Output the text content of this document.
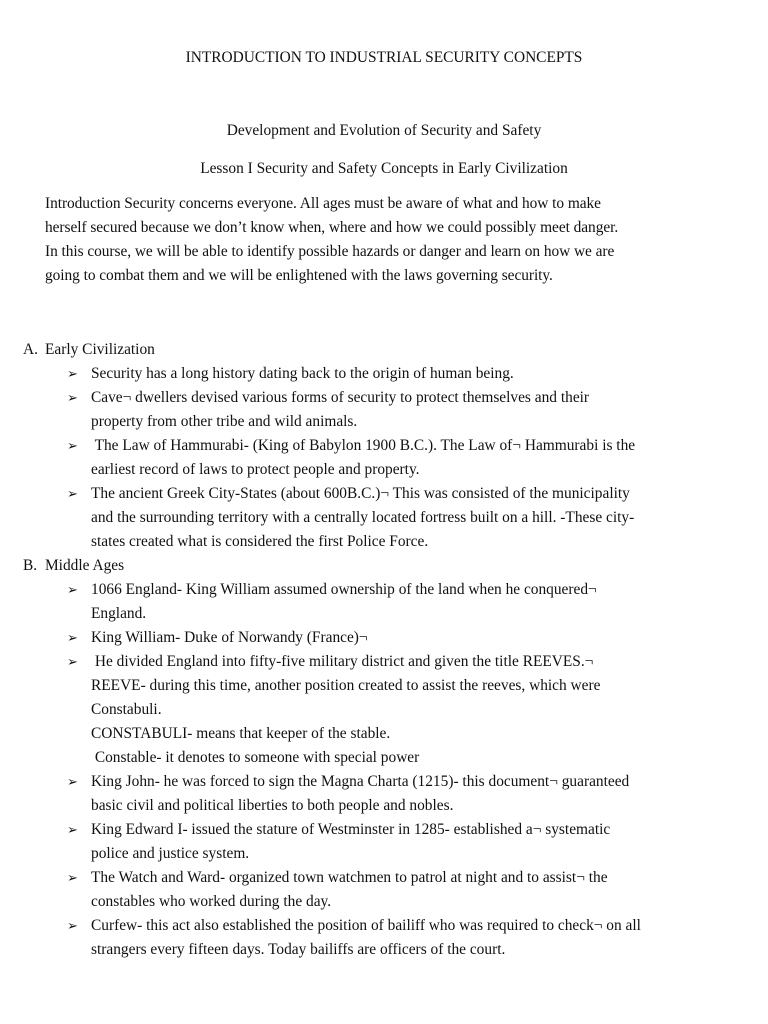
INTRODUCTION TO INDUSTRIAL SECURITY CONCEPTS
Development and Evolution of Security and Safety
Lesson I Security and Safety Concepts in Early Civilization

Introduction Security concerns everyone. All ages must be aware of what and how to make
herself secured because we don’t know when, where and how we could possibly meet danger.
In this course, we will be able to identify possible hazards or danger and learn on how we are
going to combat them and we will be enlightened with the laws governing security.

A. Early Civilization
➢ Security has a long history dating back to the origin of human being.
➢ Cave¬ dwellers devised various forms of security to protect themselves and their
property from other tribe and wild animals.
➢ The Law of Hammurabi- (King of Babylon 1900 B.C.). The Law of¬ Hammurabi is the
earliest record of laws to protect people and property.
➢ The ancient Greek City-States (about 600B.C.)¬ This was consisted of the municipality
and the surrounding territory with a centrally located fortress built on a hill. -These city-
states created what is considered the first Police Force.
B. Middle Ages
➢ 1066 England- King William assumed ownership of the land when he conquered¬
England.
➢ King William- Duke of Norwandy (France)¬
➢ He divided England into fifty-five military district and given the title REEVES.¬
REEVE- during this time, another position created to assist the reeves, which were
Constabuli.
CONSTABULI- means that keeper of the stable.
Constable- it denotes to someone with special power
➢ King John- he was forced to sign the Magna Charta (1215)- this document¬ guaranteed
basic civil and political liberties to both people and nobles.
➢ King Edward I- issued the stature of Westminster in 1285- established a¬ systematic
police and justice system.
➢ The Watch and Ward- organized town watchmen to patrol at night and to assist¬ the
constables who worked during the day.
➢ Curfew- this act also established the position of bailiff who was required to check¬ on all
strangers every fifteen days. Today bailiffs are officers of the court.
